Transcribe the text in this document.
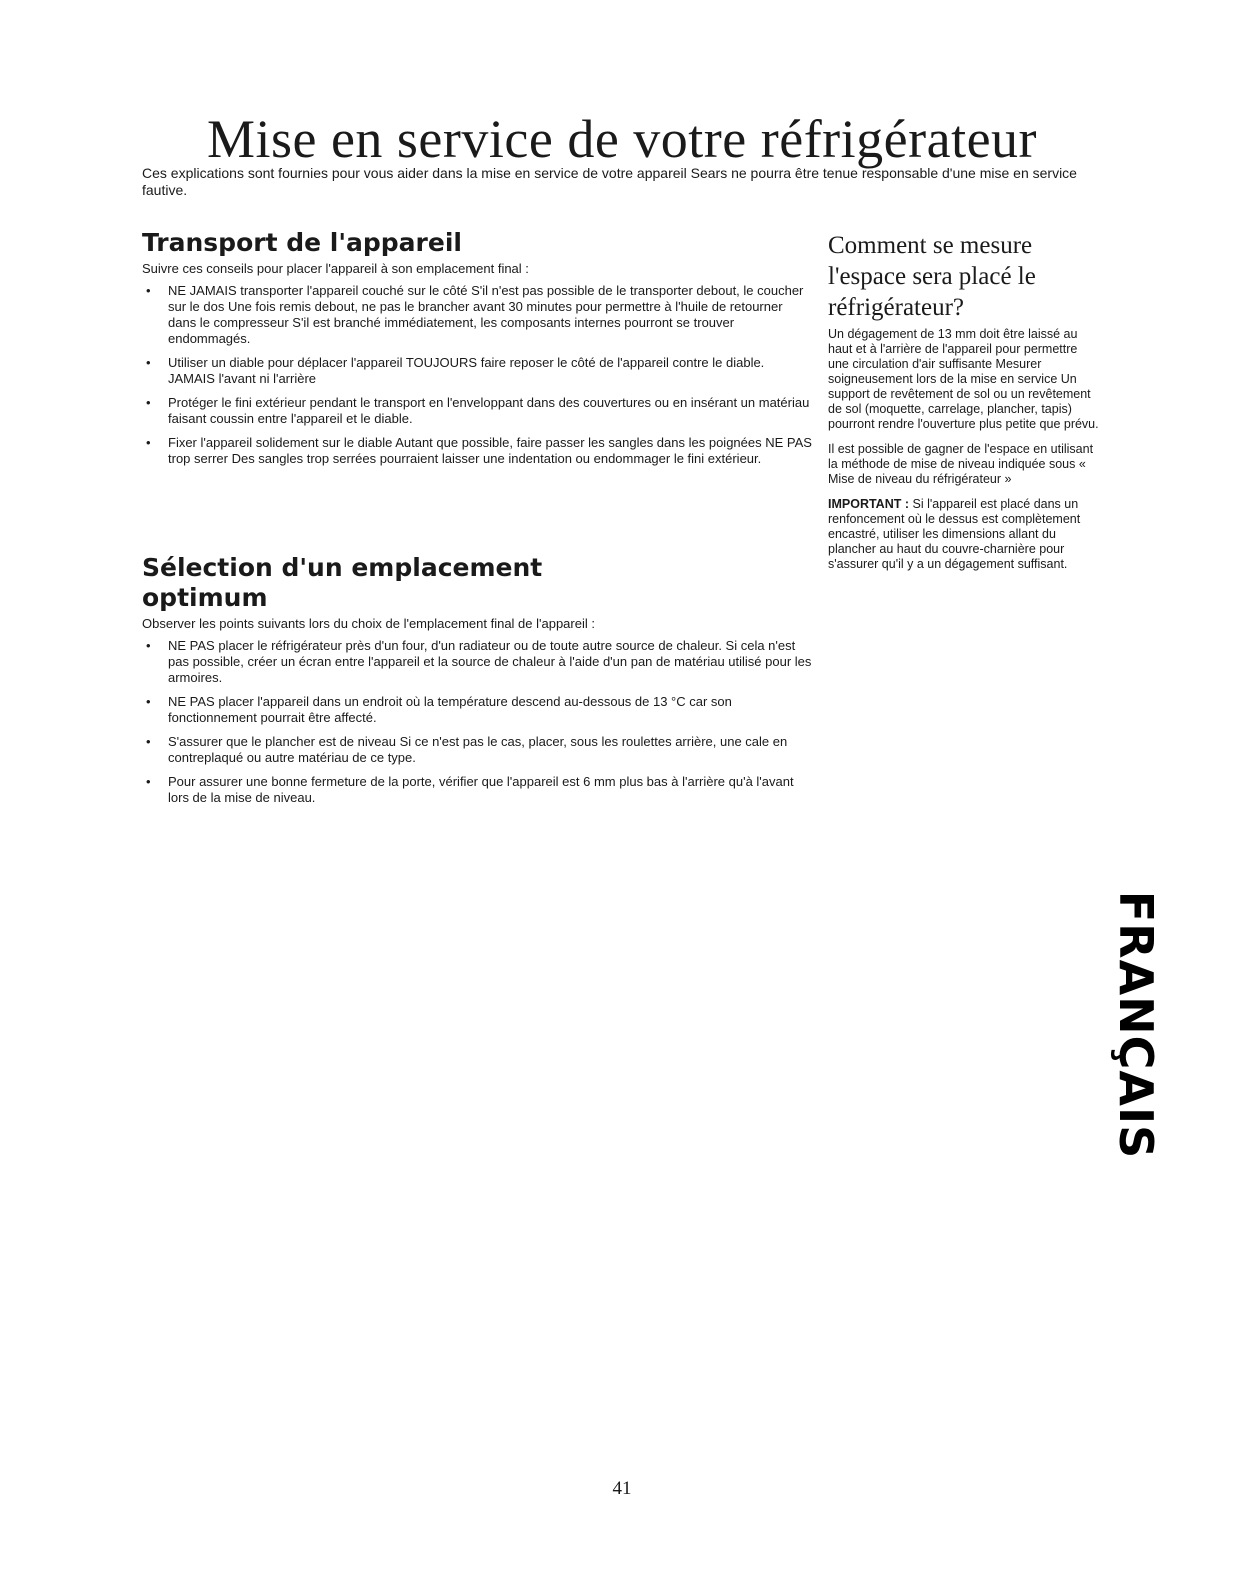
Mise en service de votre réfrigérateur

Ces explications sont fournies pour vous aider dans la mise en service de votre appareil Sears ne pourra être tenue responsable d'une mise en service fautive.

Transport de l'appareil

Suivre ces conseils pour placer l'appareil à son emplacement final :

• NE JAMAIS transporter l'appareil couché sur le côté S'il n'est pas possible de le transporter debout, le coucher sur le dos Une fois remis debout, ne pas le brancher avant 30 minutes pour permettre à l'huile de retourner dans le compresseur S'il est branché immédiatement, les composants internes pourront se trouver endommagés.
• Utiliser un diable pour déplacer l'appareil TOUJOURS faire reposer le côté de l'appareil contre le diable. JAMAIS l'avant ni l'arrière
• Protéger le fini extérieur pendant le transport en l'enveloppant dans des couvertures ou en insérant un matériau faisant coussin entre l'appareil et le diable.
• Fixer l'appareil solidement sur le diable Autant que possible, faire passer les sangles dans les poignées NE PAS trop serrer Des sangles trop serrées pourraient laisser une indentation ou endommager le fini extérieur.
Sélection d'un emplacement
optimum

Observer les points suivants lors du choix de l'emplacement final de l'appareil :

• NE PAS placer le réfrigérateur près d'un four, d'un radiateur ou de toute autre source de chaleur. Si cela n'est pas possible, créer un écran entre l'appareil et la source de chaleur à l'aide d'un pan de matériau utilisé pour les armoires.
• NE PAS placer l'appareil dans un endroit où la température descend au-dessous de 13 °C car son fonctionnement pourrait être affecté.
• S'assurer que le plancher est de niveau Si ce n'est pas le cas, placer, sous les roulettes arrière, une cale en contreplaqué ou autre matériau de ce type.
• Pour assurer une bonne fermeture de la porte, vérifier que l'appareil est 6 mm plus bas à l'arrière qu'à l'avant lors de la mise de niveau.
Comment se mesure
l'espace sera placé le
réfrigérateur?

Un dégagement de 13 mm doit être laissé au haut et à l'arrière de l'appareil pour permettre une circulation d'air suffisante Mesurer soigneusement lors de la mise en service Un support de revêtement de sol ou un revêtement de sol (moquette, carrelage, plancher, tapis) pourront rendre l'ouverture plus petite que prévu.

Il est possible de gagner de l'espace en utilisant la méthode de mise de niveau indiquée sous « Mise de niveau du réfrigérateur »

IMPORTANT : Si l'appareil est placé dans un renfoncement où le dessus est complètement encastré, utiliser les dimensions allant du plancher au haut du couvre-charnière pour s'assurer qu'il y a un dégagement suffisant.

FRANÇAIS
41
